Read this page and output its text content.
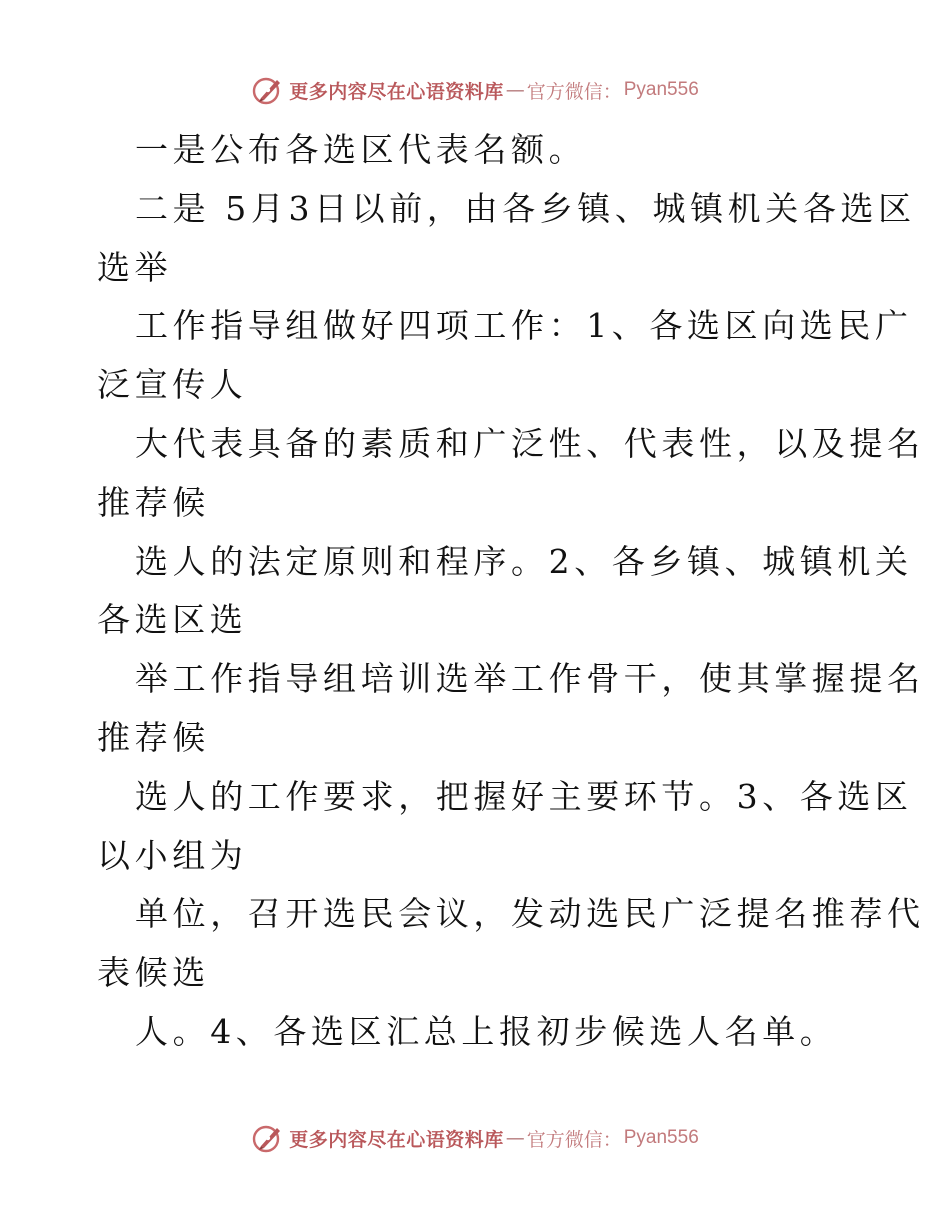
更多内容尽在心语资料库 — 官方微信： Pyan556
一是公布各选区代表名额。
二是 5月3日以前，由各乡镇、城镇机关各选区
选举
工作指导组做好四项工作：1、各选区向选民广
泛宣传人
大代表具备的素质和广泛性、代表性，以及提名
推荐候
选人的法定原则和程序。2、各乡镇、城镇机关
各选区选
举工作指导组培训选举工作骨干，使其掌握提名
推荐候
选人的工作要求，把握好主要环节。3、各选区
以小组为
单位，召开选民会议，发动选民广泛提名推荐代
表候选
人。4、各选区汇总上报初步候选人名单。
更多内容尽在心语资料库 — 官方微信： Pyan556
